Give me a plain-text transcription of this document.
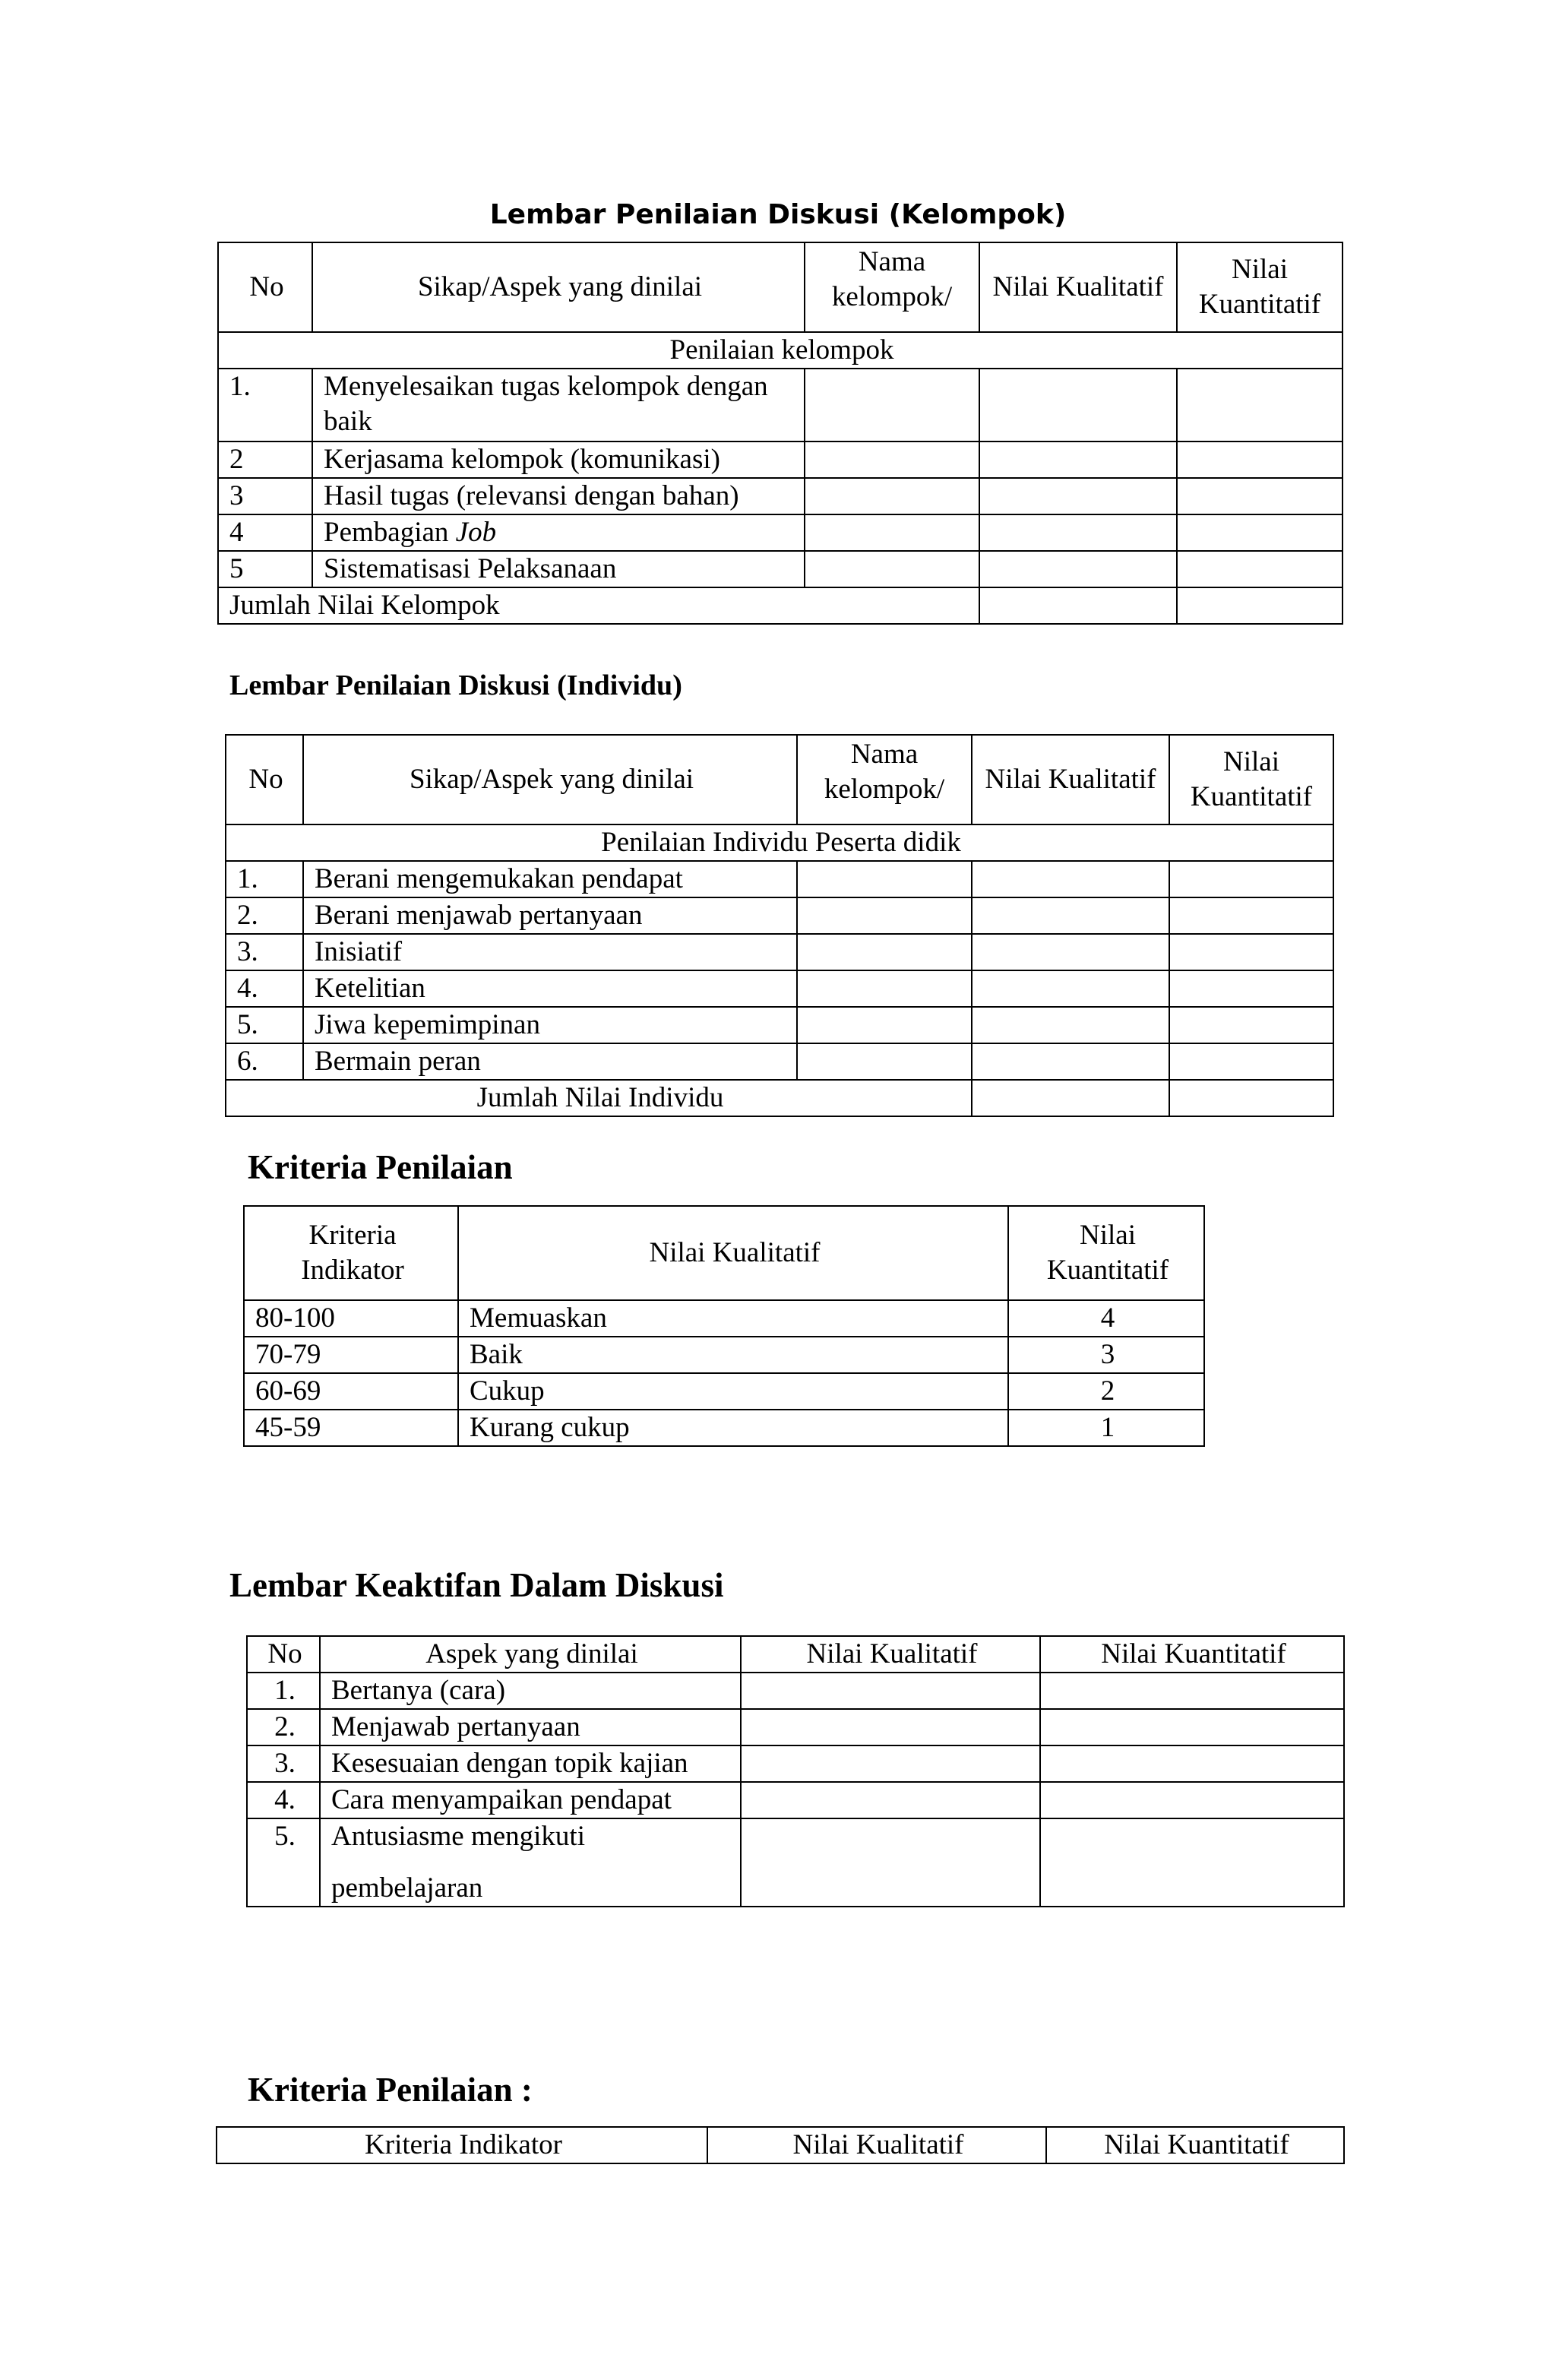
Lembar Penilaian Diskusi (Kelompok)
No	Sikap/Aspek yang dinilai	Nama kelompok/	Nilai Kualitatif	Nilai Kuantitatif
Penilaian kelompok				
1.	Menyelesaikan tugas kelompok dengan baik			
2	Kerjasama kelompok (komunikasi)			
3	Hasil tugas (relevansi dengan bahan)			
4	Pembagian Job			
5	Sistematisasi Pelaksanaan			
Jumlah Nilai Kelompok				
Lembar Penilaian Diskusi (Individu)
No	Sikap/Aspek yang dinilai	Nama kelompok/	Nilai Kualitatif	Nilai Kuantitatif
Penilaian Individu Peserta didik				
1.	Berani mengemukakan pendapat			
2.	Berani menjawab pertanyaan			
3.	Inisiatif			
4.	Ketelitian			
5.	Jiwa kepemimpinan			
6.	Bermain peran			
Jumlah Nilai Individu				
Kriteria Penilaian
Kriteria Indikator	Nilai Kualitatif	Nilai Kuantitatif
80-100	Memuaskan	4
70-79	Baik	3
60-69	Cukup	2
45-59	Kurang cukup	1
Lembar Keaktifan Dalam Diskusi
No	Aspek yang dinilai	Nilai Kualitatif	Nilai Kuantitatif
1.	Bertanya (cara)		
2.	Menjawab pertanyaan		
3.	Kesesuaian dengan topik kajian		
4.	Cara menyampaikan pendapat		
5.	Antusiasme mengikuti
pembelajaran		

Kriteria Penilaian :
Kriteria Indikator	Nilai Kualitatif	Nilai Kuantitatif
